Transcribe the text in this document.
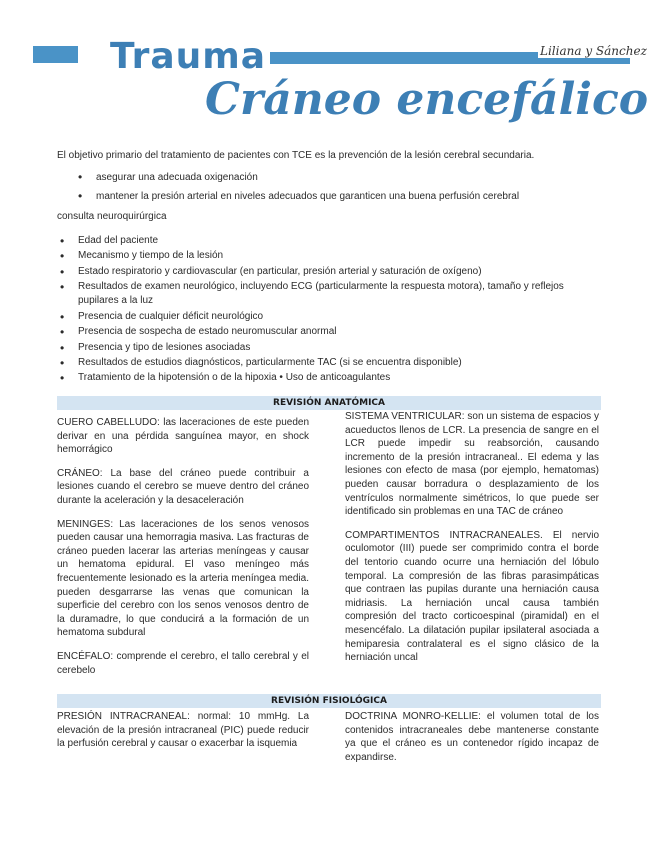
Liliana y Sánchez
Trauma
Cráneo encefálico

El objetivo primario del tratamiento de pacientes con TCE es la prevención de la lesión cerebral secundaria.

• asegurar una adecuada oxigenación
• mantener la presión arterial en niveles adecuados que garanticen una buena perfusión cerebral

consulta neuroquirúrgica

• Edad del paciente
• Mecanismo y tiempo de la lesión
• Estado respiratorio y cardiovascular (en particular, presión arterial y saturación de oxígeno)
• Resultados de examen neurológico, incluyendo ECG (particularmente la respuesta motora), tamaño y reflejos pupilares a la luz
• Presencia de cualquier déficit neurológico
• Presencia de sospecha de estado neuromuscular anormal
• Presencia y tipo de lesiones asociadas
• Resultados de estudios diagnósticos, particularmente TAC (si se encuentra disponible)
• Tratamiento de la hipotensión o de la hipoxia • Uso de anticoagulantes
REVISIÓN ANATÓMICA

CUERO CABELLUDO: las laceraciones de este pueden derivar en una pérdida sanguínea mayor, en shock hemorrágico

CRÁNEO: La base del cráneo puede contribuir a lesiones cuando el cerebro se mueve dentro del cráneo durante la aceleración y la desaceleración

MENINGES: Las laceraciones de los senos venosos pueden causar una hemorragia masiva. Las fracturas de cráneo pueden lacerar las arterias meníngeas y causar un hematoma epidural. El vaso meníngeo más frecuentemente lesionado es la arteria meníngea media. pueden desgarrarse las venas que comunican la superficie del cerebro con los senos venosos dentro de la duramadre, lo que conducirá a la formación de un hematoma subdural

ENCÉFALO: comprende el cerebro, el tallo cerebral y el cerebelo

SISTEMA VENTRICULAR: son un sistema de espacios y acueductos llenos de LCR. La presencia de sangre en el LCR puede impedir su reabsorción, causando incremento de la presión intracraneal.. El edema y las lesiones con efecto de masa (por ejemplo, hematomas) pueden causar borradura o desplazamiento de los ventrículos normalmente simétricos, lo que puede ser identificado sin problemas en una TAC de cráneo

COMPARTIMENTOS INTRACRANEALES. El nervio oculomotor (III) puede ser comprimido contra el borde del tentorio cuando ocurre una herniación del lóbulo temporal. La compresión de las fibras parasimpáticas que contraen las pupilas durante una herniación causa midriasis. La herniación uncal causa también compresión del tracto corticoespinal (piramidal) en el mesencéfalo. La dilatación pupilar ipsilateral asociada a hemiparesia contralateral es el signo clásico de la herniación uncal

REVISIÓN FISIOLÓGICA

PRESIÓN INTRACRANEAL: normal: 10 mmHg. La elevación de la presión intracraneal (PIC) puede reducir la perfusión cerebral y causar o exacerbar la isquemia

DOCTRINA MONRO-KELLIE: el volumen total de los contenidos intracraneales debe mantenerse constante ya que el cráneo es un contenedor rígido incapaz de expandirse.
